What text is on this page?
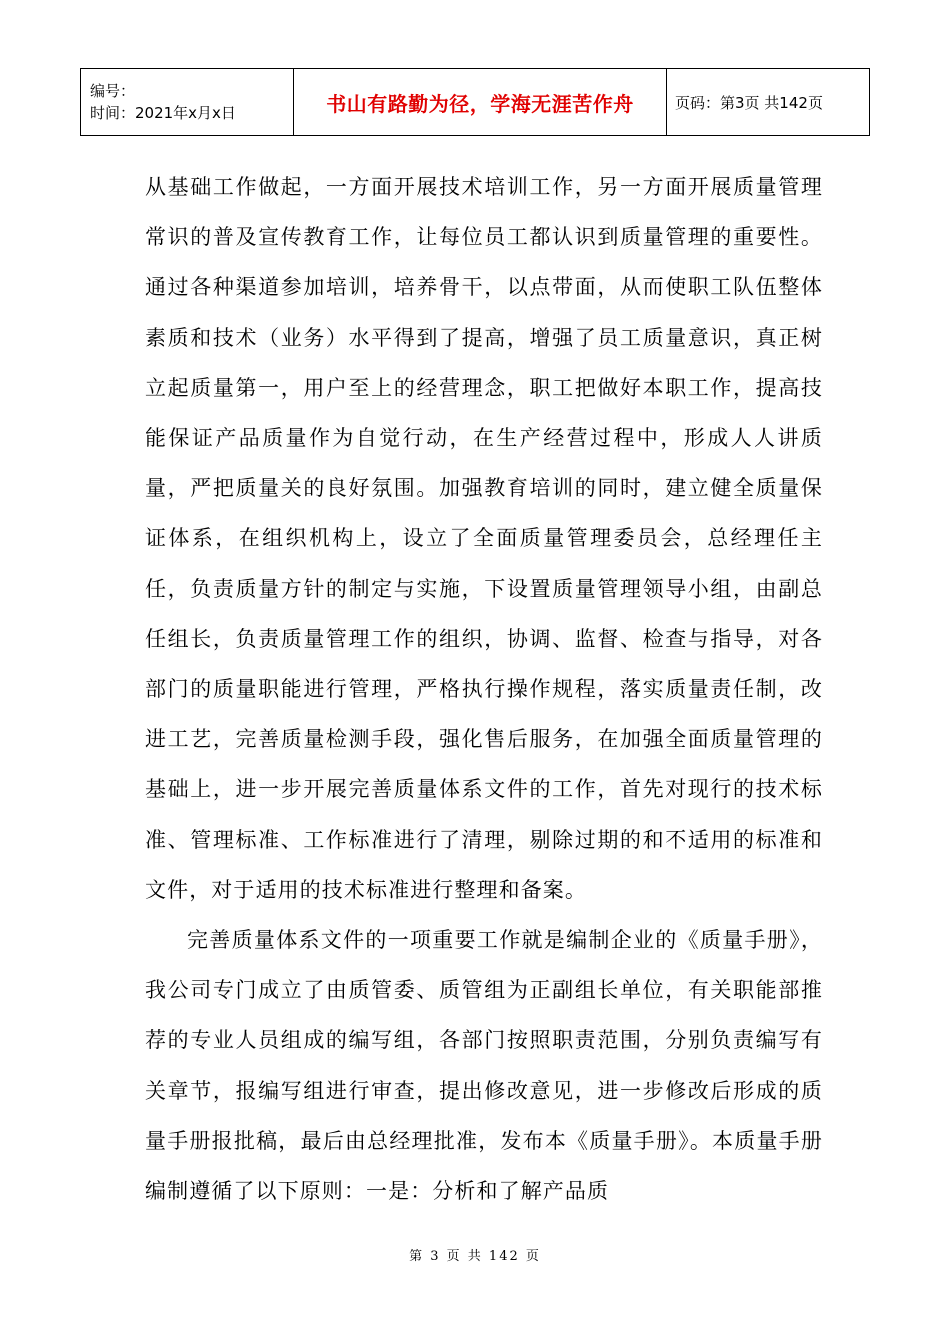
编号：
时间：2021年x月x日	书山有路勤为径，学海无涯苦作舟	页码：第3页 共142页

从基础工作做起，一方面开展技术培训工作，另一方面开展质量管理常识的普及宣传教育工作，让每位员工都认识到质量管理的重要性。通过各种渠道参加培训，培养骨干，以点带面，从而使职工队伍整体素质和技术（业务）水平得到了提高，增强了员工质量意识，真正树立起质量第一，用户至上的经营理念，职工把做好本职工作，提高技能保证产品质量作为自觉行动，在生产经营过程中，形成人人讲质量，严把质量关的良好氛围。加强教育培训的同时，建立健全质量保证体系，在组织机构上，设立了全面质量管理委员会，总经理任主任，负责质量方针的制定与实施，下设置质量管理领导小组，由副总任组长，负责质量管理工作的组织，协调、监督、检查与指导，对各部门的质量职能进行管理，严格执行操作规程，落实质量责任制，改进工艺，完善质量检测手段，强化售后服务，在加强全面质量管理的基础上，进一步开展完善质量体系文件的工作，首先对现行的技术标准、管理标准、工作标准进行了清理，剔除过期的和不适用的标准和文件，对于适用的技术标准进行整理和备案。

完善质量体系文件的一项重要工作就是编制企业的《质量手册》，我公司专门成立了由质管委、质管组为正副组长单位，有关职能部推荐的专业人员组成的编写组，各部门按照职责范围，分别负责编写有关章节，报编写组进行审查，提出修改意见，进一步修改后形成的质量手册报批稿，最后由总经理批准，发布本《质量手册》。本质量手册编制遵循了以下原则：一是：分析和了解产品质

第 3 页 共 142 页
